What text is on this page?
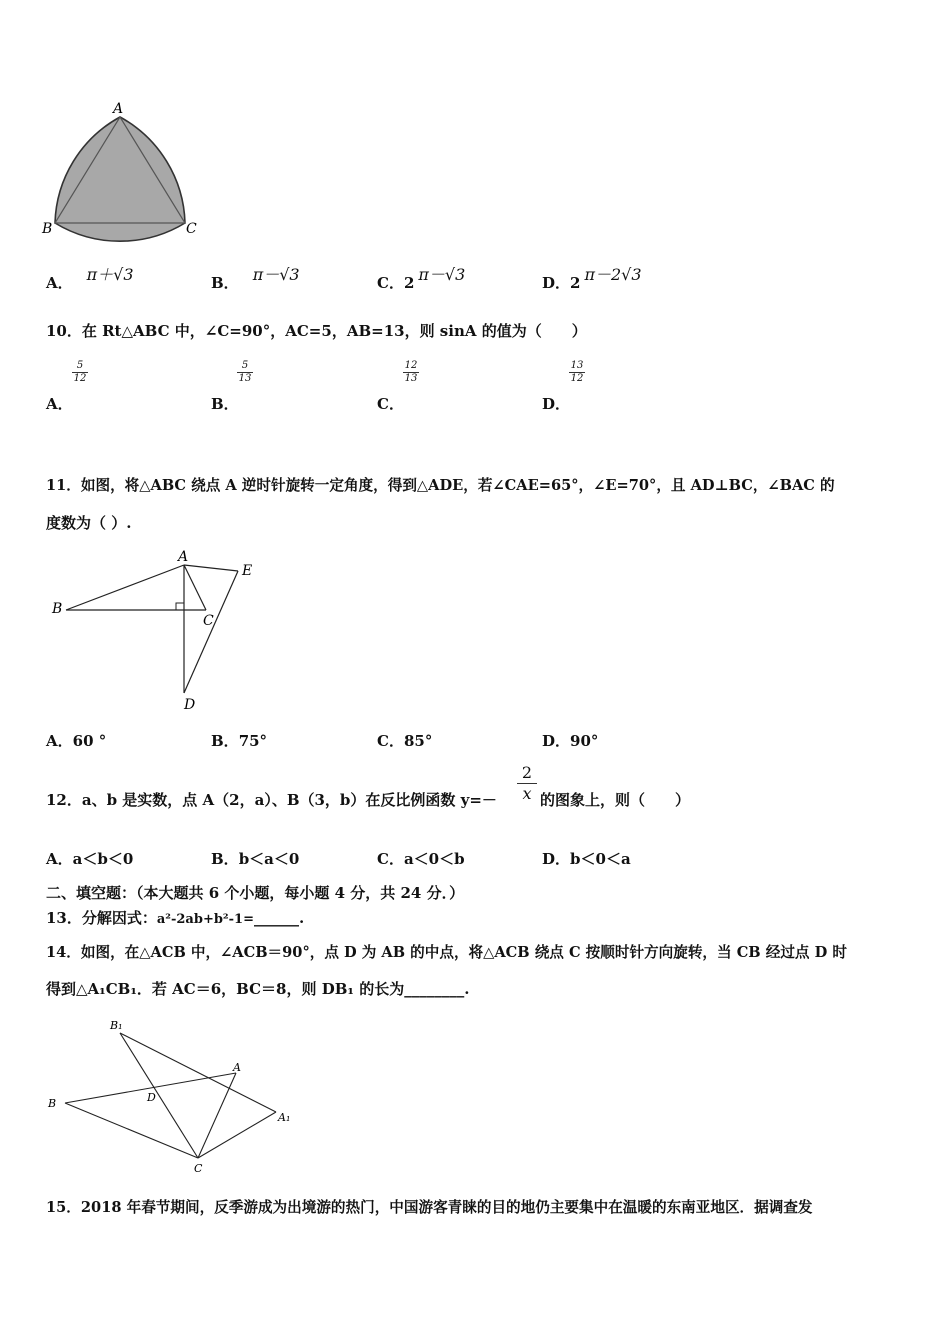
A
B	C
A． π＋√3	B． π－√3	C．2 π－√3	D．2 π－2√3
10．在 Rt△ABC 中，∠C=90°，AC=5，AB=13，则 sinA 的值为（　　）
$\frac{5}{12}$	$\frac{5}{13}$	$\frac{12}{13}$	$\frac{13}{12}$
A．	B．	C．	D．
11．如图，将△ABC 绕点 A 逆时针旋转一定角度，得到△ADE，若∠CAE=65°，∠E=70°，且 AD⊥BC，∠BAC 的
度数为（ ）.
A
B
C
D
E
A．60 °	B．75°	C．85°	D．90°
12．a、b 是实数，点 A（2，a）、B（3，b）在反比例函数 $y=- \frac{2}{x}$ 的图象上，则（　　）
A．a＜b＜0	B．b＜a＜0	C．a＜0＜b	D．b＜0＜a
二、填空题：（本大题共 6 个小题，每小题 4 分，共 24 分．）
13．分解因式：a²-2ab+b²-1=______.
14．如图，在△ACB 中，∠ACB＝90°，点 D 为 AB 的中点，将△ACB 绕点 C 按顺时针方向旋转，当 CB 经过点 D 时
得到△A₁CB₁．若 AC＝6，BC＝8，则 DB₁ 的长为________.
B₁
A
B	D
A₁
C
15．2018 年春节期间，反季游成为出境游的热门，中国游客青睐的目的地仍主要集中在温暖的东南亚地区．据调查发
